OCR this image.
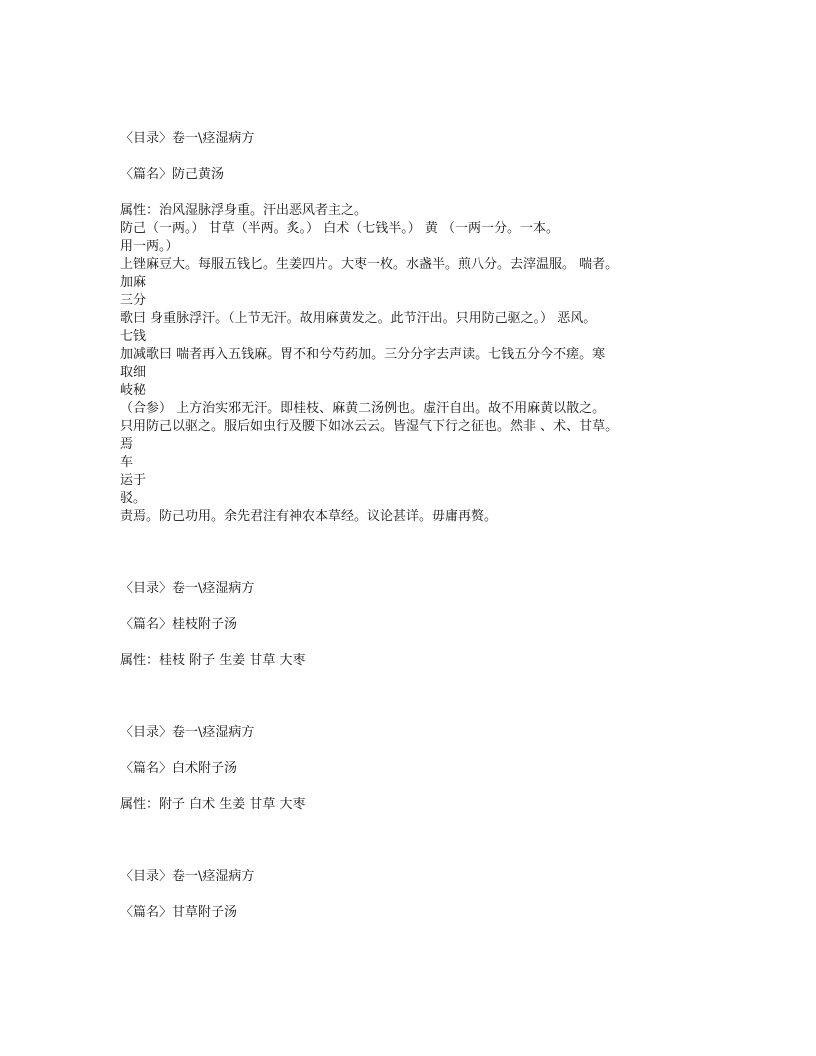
〈目录〉卷一\痉湿病方
〈篇名〉防己黄汤
属性：治风湿脉浮身重。汗出恶风者主之。
防己（一两。） 甘草（半两。炙。） 白术（七钱半。） 黄 （一两一分。一本。
用一两。）
上锉麻豆大。每服五钱匕。生姜四片。大枣一枚。水盏半。煎八分。去滓温服。 喘者。
加麻
三分
歌曰 身重脉浮汗。（上节无汗。故用麻黄发之。此节汗出。只用防己驱之。） 恶风。
七钱
加减歌曰 喘者再入五钱麻。胃不和兮芍药加。三分分字去声读。七钱五分今不瘥。寒
取细
岐秘
（合参） 上方治实邪无汗。即桂枝、麻黄二汤例也。虚汗自出。故不用麻黄以散之。
只用防己以驱之。服后如虫行及腰下如冰云云。皆湿气下行之征也。然非 、术、甘草。
焉
车
运于
驳。
责焉。防己功用。余先君注有神农本草经。议论甚详。毋庸再赘。
〈目录〉卷一\痉湿病方
〈篇名〉桂枝附子汤
属性：桂枝 附子 生姜 甘草 大枣
〈目录〉卷一\痉湿病方
〈篇名〉白术附子汤
属性：附子 白术 生姜 甘草 大枣
〈目录〉卷一\痉湿病方
〈篇名〉甘草附子汤
